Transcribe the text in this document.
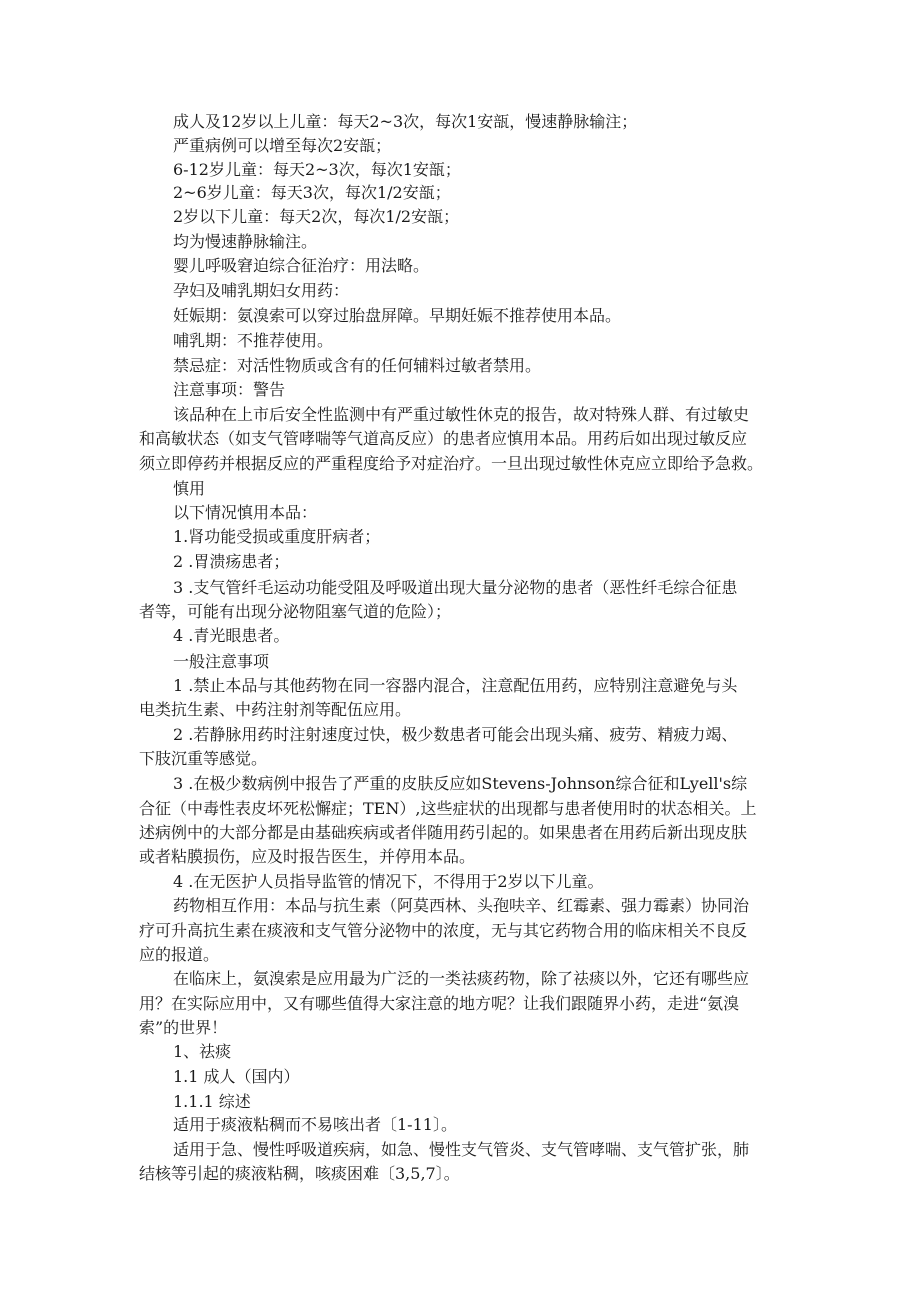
成人及12岁以上儿童：每天2~3次，每次1安瓿，慢速静脉输注；

严重病例可以增至每次2安瓿；

6-12岁儿童：每天2~3次，每次1安瓿；

2~6岁儿童：每天3次，每次1/2安瓿；

2岁以下儿童：每天2次，每次1/2安瓿；

均为慢速静脉输注。

婴儿呼吸窘迫综合征治疗：用法略。

孕妇及哺乳期妇女用药：

妊娠期：氨溴索可以穿过胎盘屏障。早期妊娠不推荐使用本品。

哺乳期：不推荐使用。

禁忌症：对活性物质或含有的任何辅料过敏者禁用。

注意事项：警告

该品种在上市后安全性监测中有严重过敏性休克的报告，故对特殊人群、有过敏史

和高敏状态（如支气管哮喘等气道高反应）的患者应慎用本品。用药后如出现过敏反应

须立即停药并根据反应的严重程度给予对症治疗。一旦出现过敏性休克应立即给予急救。

慎用

以下情况慎用本品：

1.肾功能受损或重度肝病者；

2 .胃溃疡患者；

3 .支气管纤毛运动功能受阻及呼吸道出现大量分泌物的患者（恶性纤毛综合征患

者等，可能有出现分泌物阻塞气道的危险）；

4 .青光眼患者。

一般注意事项

1 .禁止本品与其他药物在同一容器内混合，注意配伍用药，应特别注意避免与头

电类抗生素、中药注射剂等配伍应用。

2 .若静脉用药时注射速度过快，极少数患者可能会出现头痛、疲劳、精疲力竭、

下肢沉重等感觉。

3 .在极少数病例中报告了严重的皮肤反应如Stevens-Johnson综合征和Lyell's综

合征（中毒性表皮坏死松懈症；TEN）,这些症状的出现都与患者使用时的状态相关。上

述病例中的大部分都是由基础疾病或者伴随用药引起的。如果患者在用药后新出现皮肤

或者粘膜损伤，应及时报告医生，并停用本品。

4 .在无医护人员指导监管的情况下，不得用于2岁以下儿童。

药物相互作用：本品与抗生素（阿莫西林、头孢呋辛、红霉素、强力霉素）协同治

疗可升高抗生素在痰液和支气管分泌物中的浓度，无与其它药物合用的临床相关不良反

应的报道。

在临床上，氨溴索是应用最为广泛的一类祛痰药物，除了祛痰以外，它还有哪些应

用？在实际应用中，又有哪些值得大家注意的地方呢？让我们跟随界小药，走进“氨溴

索”的世界！

1、祛痰

1.1 成人（国内）

1.1.1 综述

适用于痰液粘稠而不易咳出者〔1-11〕。

适用于急、慢性呼吸道疾病，如急、慢性支气管炎、支气管哮喘、支气管扩张，肺

结核等引起的痰液粘稠，咳痰困难〔3,5,7〕。
